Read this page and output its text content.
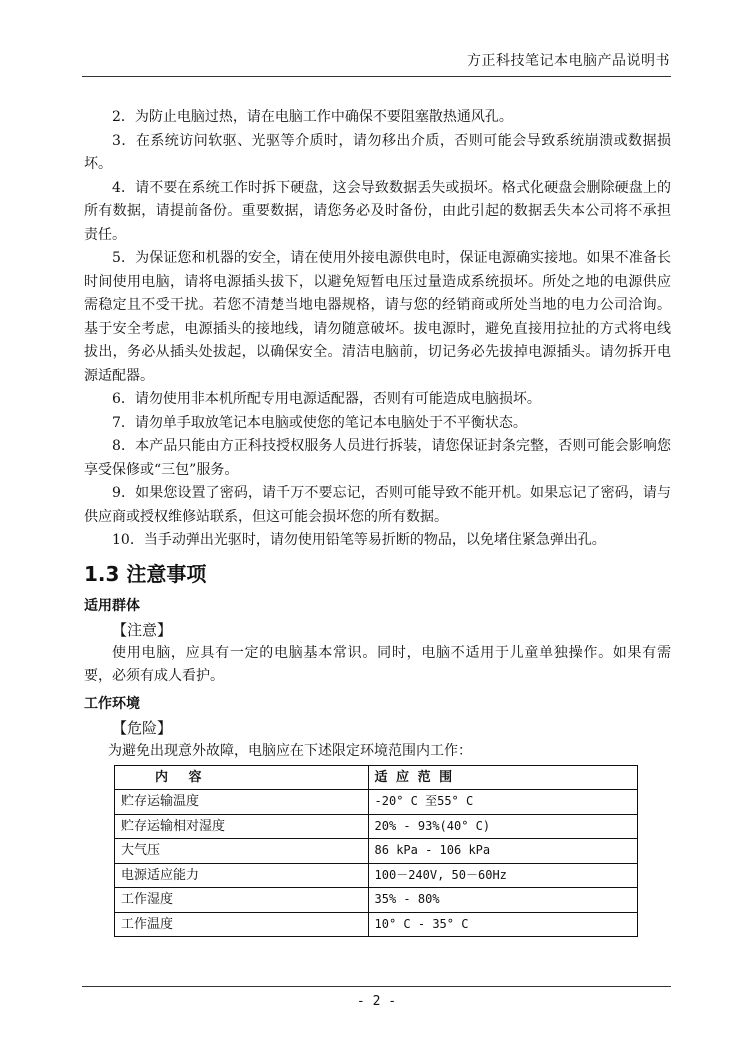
方正科技笔记本电脑产品说明书

2．为防止电脑过热，请在电脑工作中确保不要阻塞散热通风孔。

3．在系统访问软驱、光驱等介质时，请勿移出介质，否则可能会导致系统崩溃或数据损坏。

4．请不要在系统工作时拆下硬盘，这会导致数据丢失或损坏。格式化硬盘会删除硬盘上的所有数据，请提前备份。重要数据，请您务必及时备份，由此引起的数据丢失本公司将不承担责任。

5．为保证您和机器的安全，请在使用外接电源供电时，保证电源确实接地。如果不准备长时间使用电脑，请将电源插头拔下，以避免短暂电压过量造成系统损坏。所处之地的电源供应需稳定且不受干扰。若您不清楚当地电器规格，请与您的经销商或所处当地的电力公司洽询。基于安全考虑，电源插头的接地线，请勿随意破坏。拔电源时，避免直接用拉扯的方式将电线拔出，务必从插头处拔起，以确保安全。清洁电脑前，切记务必先拔掉电源插头。请勿拆开电源适配器。

6．请勿使用非本机所配专用电源适配器，否则有可能造成电脑损坏。

7．请勿单手取放笔记本电脑或使您的笔记本电脑处于不平衡状态。

8．本产品只能由方正科技授权服务人员进行拆装，请您保证封条完整，否则可能会影响您享受保修或“三包”服务。

9．如果您设置了密码，请千万不要忘记，否则可能导致不能开机。如果忘记了密码，请与供应商或授权维修站联系，但这可能会损坏您的所有数据。

10．当手动弹出光驱时，请勿使用铅笔等易折断的物品，以免堵住紧急弹出孔。

1.3 注意事项
适用群体
【注意】

使用电脑，应具有一定的电脑基本常识。同时，电脑不适用于儿童单独操作。如果有需要，必须有成人看护。

工作环境
【危险】
为避免出现意外故障，电脑应在下述限定环境范围内工作：
内 容	适 应 范 围
贮存运输温度	-20° C 至55° C
贮存运输相对湿度	20% - 93%(40° C)
大气压	86 kPa - 106 kPa
电源适应能力	100－240V, 50－60Hz
工作湿度	35% - 80%
工作温度	10° C - 35° C
- 2 -
